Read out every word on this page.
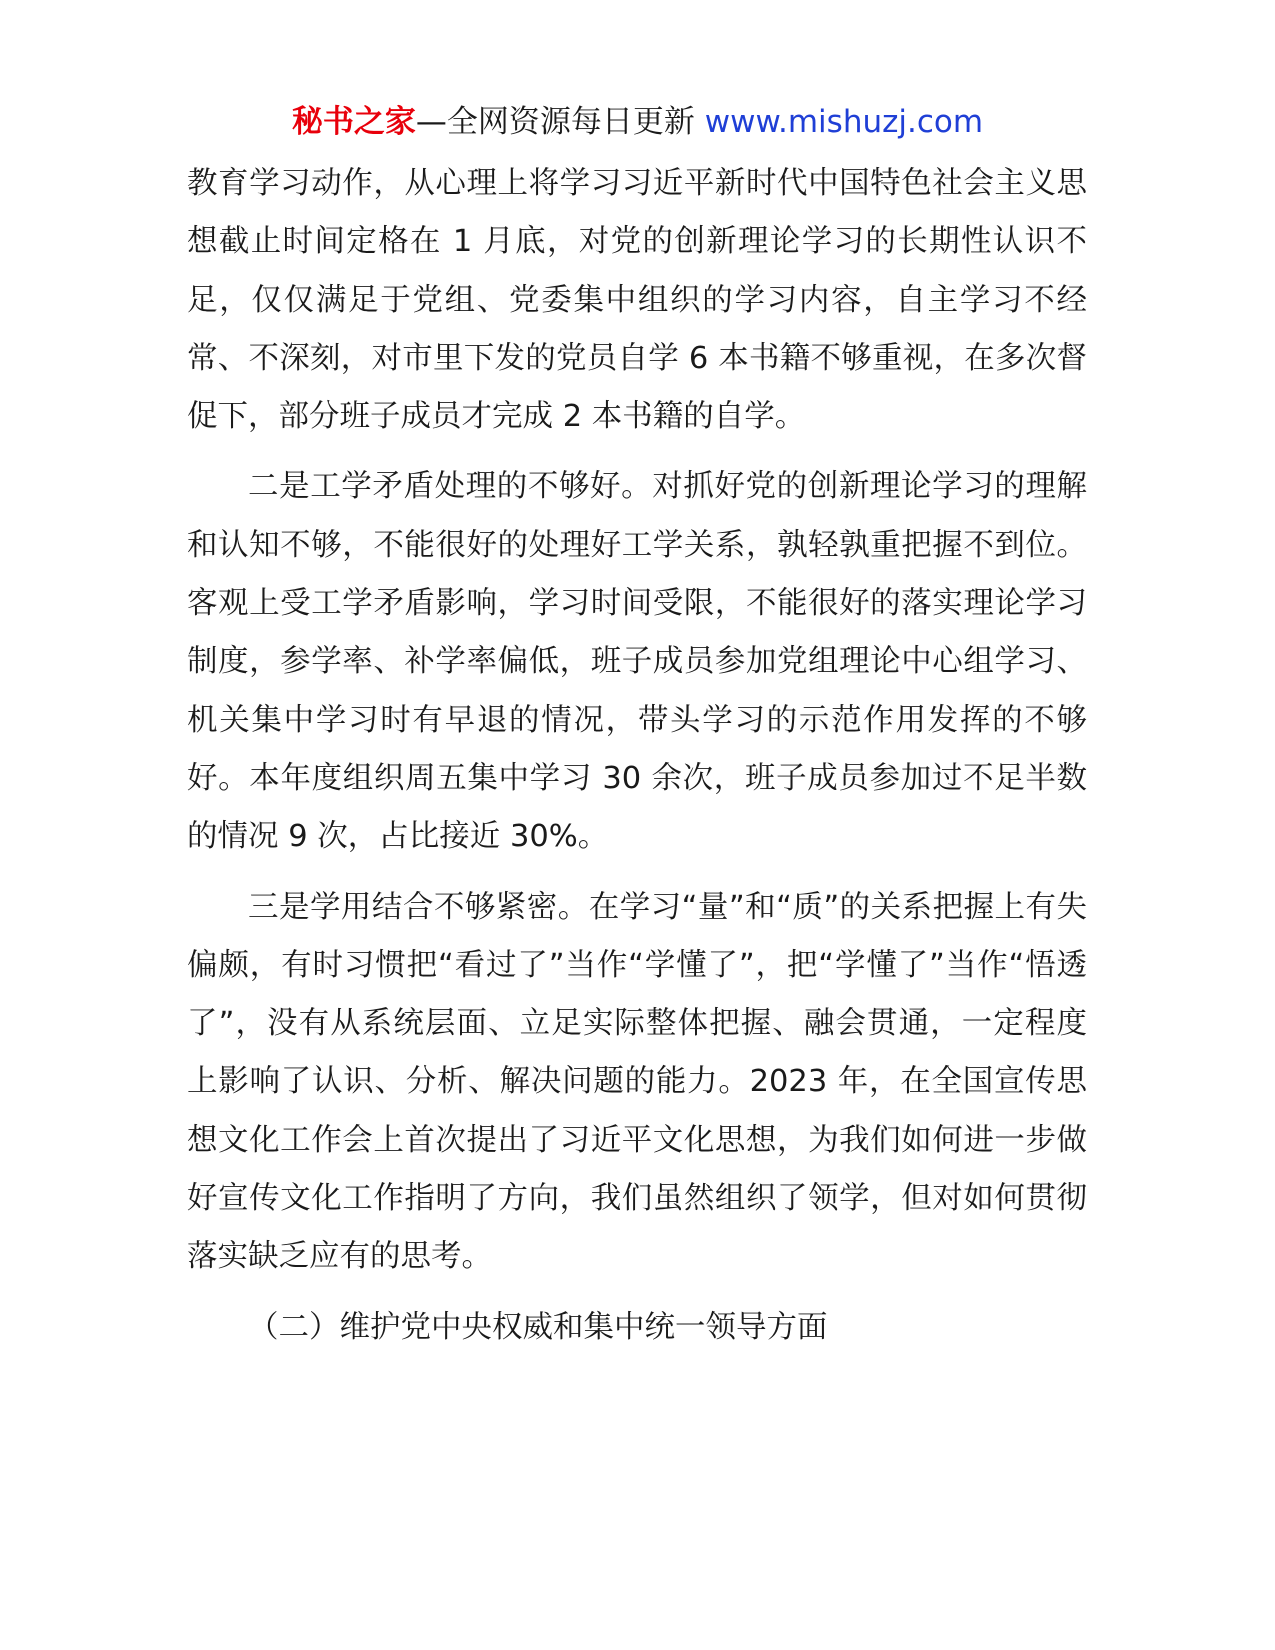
秘书之家—全网资源每日更新 www.mishuzj.com

教育学习动作，从心理上将学习习近平新时代中国特色社会主义思想截止时间定格在 1 月底，对党的创新理论学习的长期性认识不足，仅仅满足于党组、党委集中组织的学习内容，自主学习不经常、不深刻，对市里下发的党员自学 6 本书籍不够重视，在多次督促下，部分班子成员才完成 2 本书籍的自学。

二是工学矛盾处理的不够好。对抓好党的创新理论学习的理解和认知不够，不能很好的处理好工学关系，孰轻孰重把握不到位。客观上受工学矛盾影响，学习时间受限，不能很好的落实理论学习制度，参学率、补学率偏低，班子成员参加党组理论中心组学习、机关集中学习时有早退的情况，带头学习的示范作用发挥的不够好。本年度组织周五集中学习 30 余次，班子成员参加过不足半数的情况 9 次，占比接近 30%。

三是学用结合不够紧密。在学习“量”和“质”的关系把握上有失偏颇，有时习惯把“看过了”当作“学懂了”，把“学懂了”当作“悟透了”，没有从系统层面、立足实际整体把握、融会贯通，一定程度上影响了认识、分析、解决问题的能力。2023 年，在全国宣传思想文化工作会上首次提出了习近平文化思想，为我们如何进一步做好宣传文化工作指明了方向，我们虽然组织了领学，但对如何贯彻落实缺乏应有的思考。

（二）维护党中央权威和集中统一领导方面
